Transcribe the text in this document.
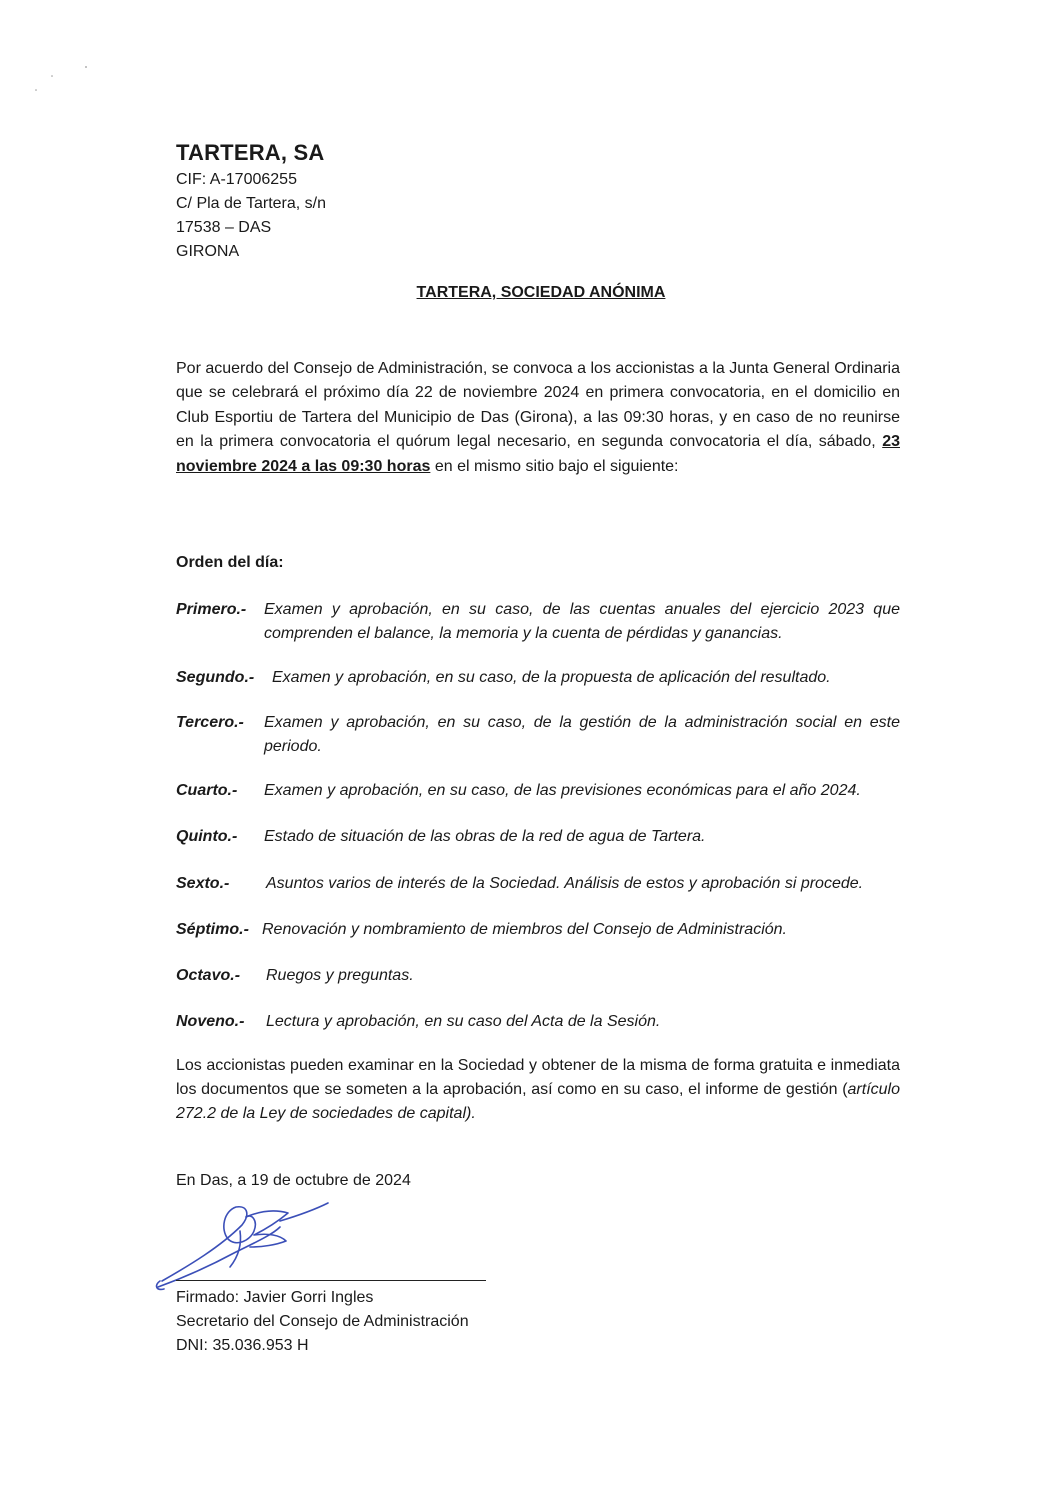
TARTERA, SA
CIF: A-17006255
C/ Pla de Tartera, s/n
17538 – DAS
GIRONA
TARTERA, SOCIEDAD ANÓNIMA
Por acuerdo del Consejo de Administración, se convoca a los accionistas a la Junta General Ordinaria que se celebrará el próximo día 22 de noviembre 2024 en primera convocatoria, en el domicilio en Club Esportiu de Tartera del Municipio de Das (Girona), a las 09:30 horas, y en caso de no reunirse en la primera convocatoria el quórum legal necesario, en segunda convocatoria el día, sábado, 23 noviembre 2024 a las 09:30 horas en el mismo sitio bajo el siguiente:
Orden del día:
Primero.- Examen y aprobación, en su caso, de las cuentas anuales del ejercicio 2023 que comprenden el balance, la memoria y la cuenta de pérdidas y ganancias.
Segundo.- Examen y aprobación, en su caso, de la propuesta de aplicación del resultado.
Tercero.- Examen y aprobación, en su caso, de la gestión de la administración social en este periodo.
Cuarto.- Examen y aprobación, en su caso, de las previsiones económicas para el año 2024.
Quinto.- Estado de situación de las obras de la red de agua de Tartera.
Sexto.- Asuntos varios de interés de la Sociedad. Análisis de estos y aprobación si procede.
Séptimo.- Renovación y nombramiento de miembros del Consejo de Administración.
Octavo.- Ruegos y preguntas.
Noveno.- Lectura y aprobación, en su caso del Acta de la Sesión.
Los accionistas pueden examinar en la Sociedad y obtener de la misma de forma gratuita e inmediata los documentos que se someten a la aprobación, así como en su caso, el informe de gestión (artículo 272.2 de la Ley de sociedades de capital).
En Das, a 19 de octubre de 2024
Firmado: Javier Gorri Ingles
Secretario del Consejo de Administración
DNI: 35.036.953 H
